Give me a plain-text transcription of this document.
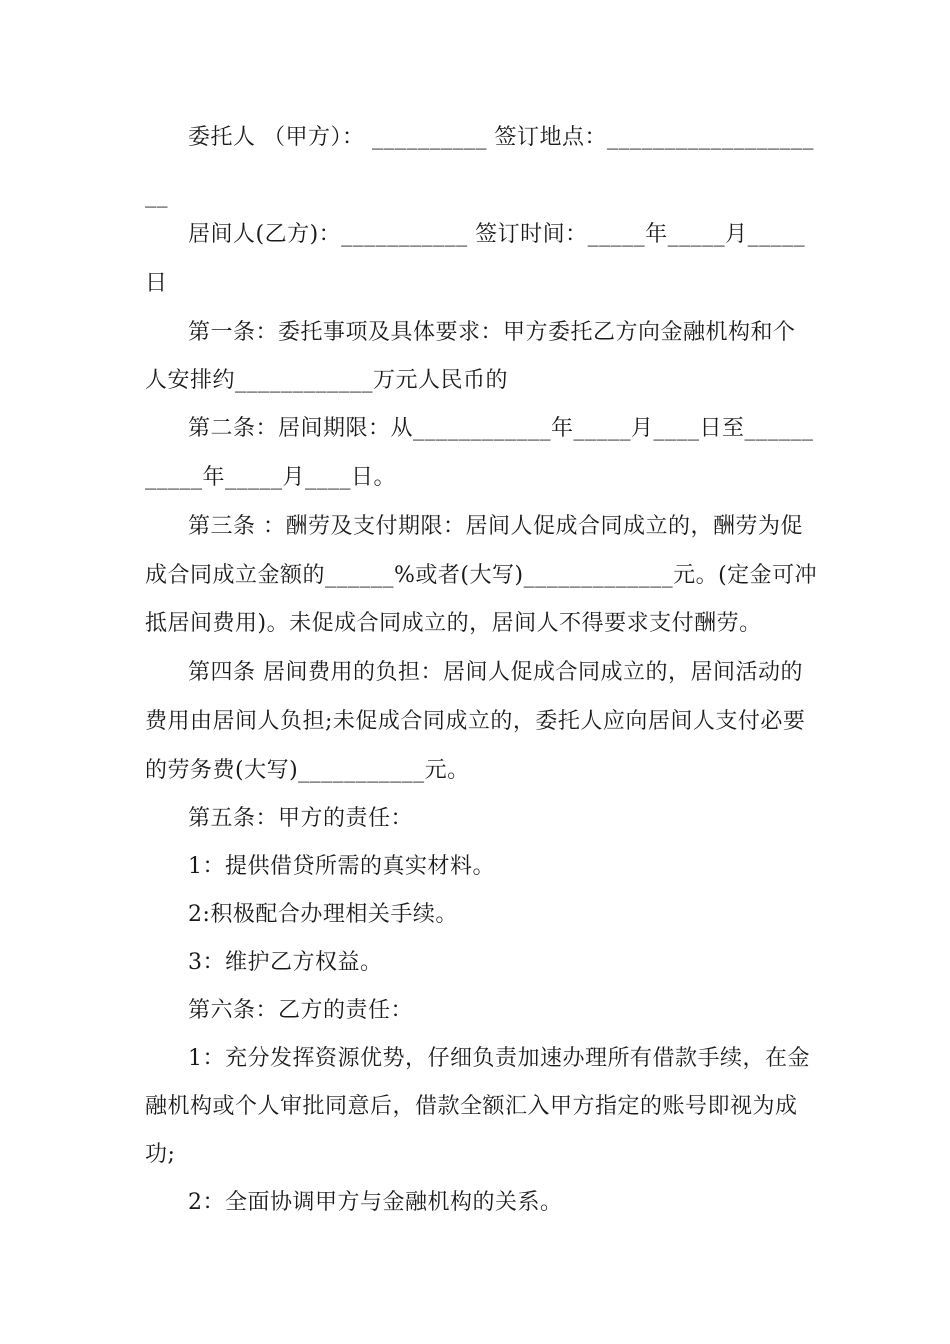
委托人 （甲方）： __________ 签订地点：__________________
__
居间人(乙方)：___________ 签订时间：_____年_____月_____
日
第一条：委托事项及具体要求：甲方委托乙方向金融机构和个
人安排约____________万元人民币的
第二条：居间期限：从____________年_____月____日至______
_____年_____月____日。
第三条 ：酬劳及支付期限：居间人促成合同成立的，酬劳为促
成合同成立金额的______%或者(大写)_____________元。(定金可冲
抵居间费用)。未促成合同成立的，居间人不得要求支付酬劳。
第四条 居间费用的负担：居间人促成合同成立的，居间活动的
费用由居间人负担;未促成合同成立的，委托人应向居间人支付必要
的劳务费(大写)___________元。
第五条：甲方的责任：
1：提供借贷所需的真实材料。
2:积极配合办理相关手续。
3：维护乙方权益。
第六条：乙方的责任：
1：充分发挥资源优势，仔细负责加速办理所有借款手续，在金
融机构或个人审批同意后，借款全额汇入甲方指定的账号即视为成
功;
2：全面协调甲方与金融机构的关系。
